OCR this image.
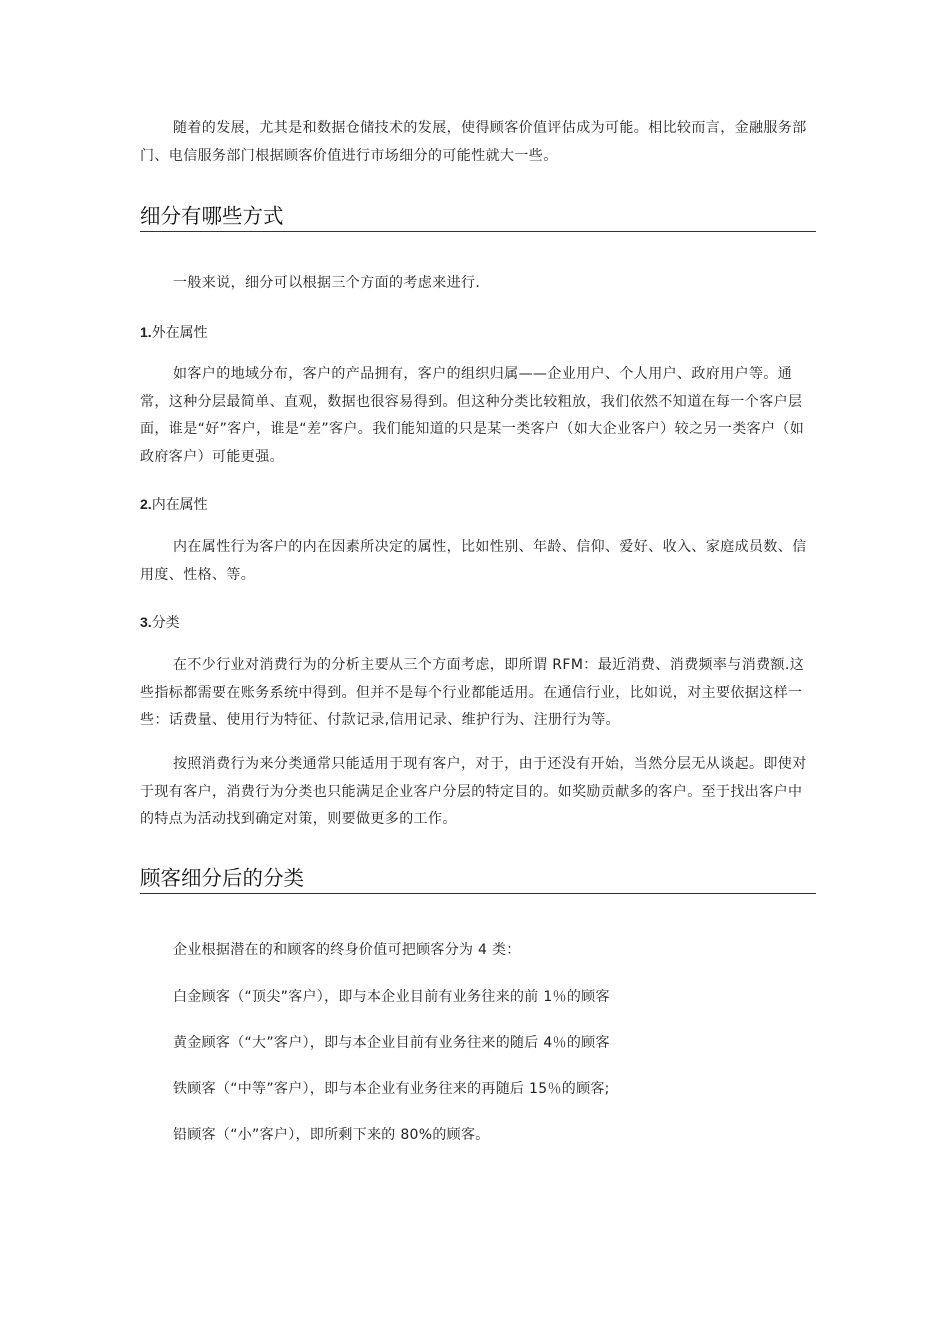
随着的发展，尤其是和数据仓储技术的发展，使得顾客价值评估成为可能。相比较而言，金融服务部门、电信服务部门根据顾客价值进行市场细分的可能性就大一些。

细分有哪些方式

一般来说，细分可以根据三个方面的考虑来进行.

1.外在属性

如客户的地域分布，客户的产品拥有，客户的组织归属——企业用户、个人用户、政府用户等。通常，这种分层最简单、直观，数据也很容易得到。但这种分类比较粗放，我们依然不知道在每一个客户层面，谁是“好”客户，谁是“差”客户。我们能知道的只是某一类客户（如大企业客户）较之另一类客户（如政府客户）可能更强。

2.内在属性

内在属性行为客户的内在因素所决定的属性，比如性别、年龄、信仰、爱好、收入、家庭成员数、信用度、性格、等。

3.分类

在不少行业对消费行为的分析主要从三个方面考虑，即所谓 RFM：最近消费、消费频率与消费额.这些指标都需要在账务系统中得到。但并不是每个行业都能适用。在通信行业，比如说，对主要依据这样一些：话费量、使用行为特征、付款记录,信用记录、维护行为、注册行为等。

按照消费行为来分类通常只能适用于现有客户，对于，由于还没有开始，当然分层无从谈起。即使对于现有客户，消费行为分类也只能满足企业客户分层的特定目的。如奖励贡献多的客户。至于找出客户中的特点为活动找到确定对策，则要做更多的工作。

顾客细分后的分类

企业根据潜在的和顾客的终身价值可把顾客分为 4 类：

白金顾客（“顶尖”客户），即与本企业目前有业务往来的前 1％的顾客

黄金顾客（“大”客户），即与本企业目前有业务往来的随后 4％的顾客

铁顾客（“中等”客户），即与本企业有业务往来的再随后 15％的顾客;

铅顾客（“小”客户），即所剩下来的 80%的顾客。
